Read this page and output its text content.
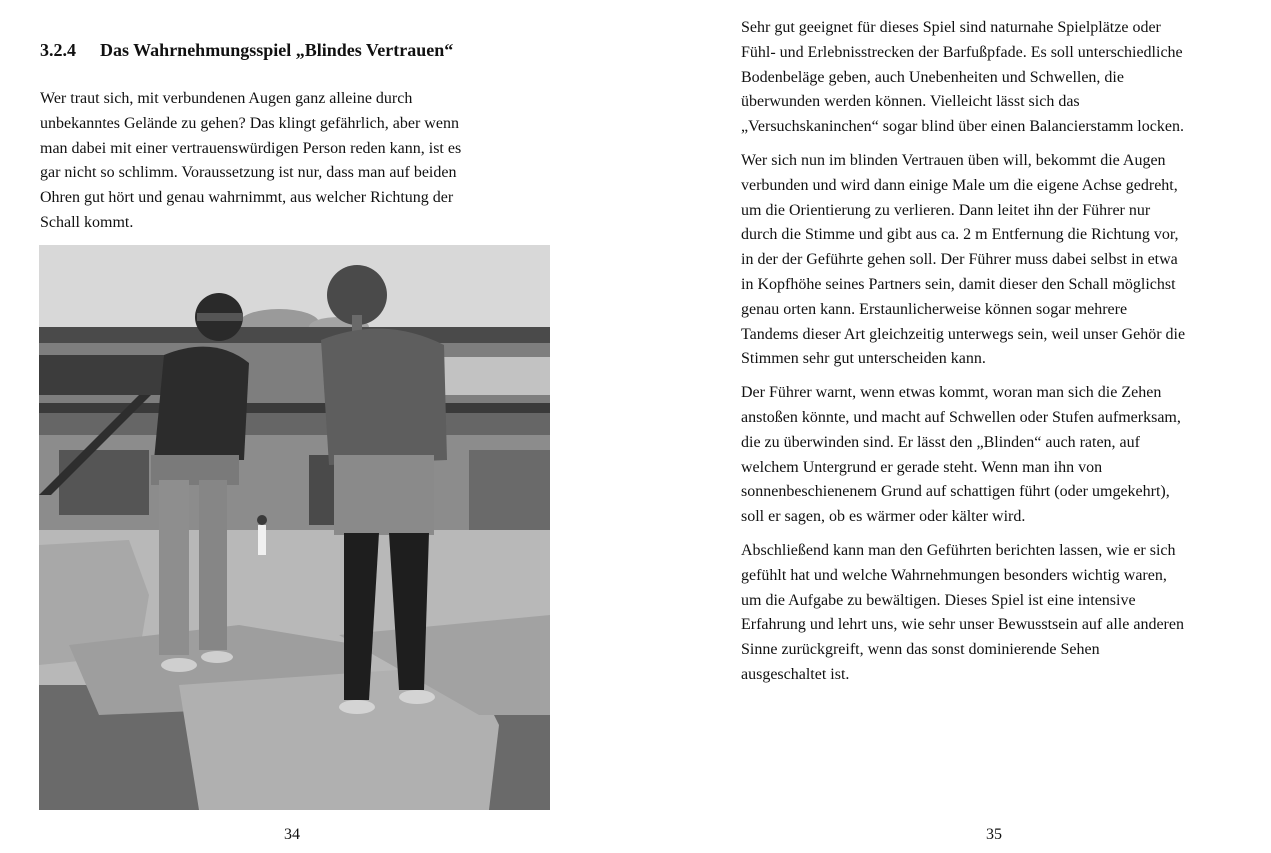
3.2.4 Das Wahrnehmungsspiel „Blindes Vertrauen“

Wer traut sich, mit verbundenen Augen ganz alleine durch
unbekanntes Gelände zu gehen? Das klingt gefährlich, aber wenn
man dabei mit einer vertrauenswürdigen Person reden kann, ist es
gar nicht so schlimm. Voraussetzung ist nur, dass man auf beiden
Ohren gut hört und genau wahrnimmt, aus welcher Richtung der
Schall kommt.

34

Sehr gut geeignet für dieses Spiel sind naturnahe Spielplätze oder
Fühl- und Erlebnisstrecken der Barfußpfade. Es soll unterschiedliche
Bodenbeläge geben, auch Unebenheiten und Schwellen, die
überwunden werden können. Vielleicht lässt sich das
„Versuchskaninchen“ sogar blind über einen Balancierstamm locken.

Wer sich nun im blinden Vertrauen üben will, bekommt die Augen
verbunden und wird dann einige Male um die eigene Achse gedreht,
um die Orientierung zu verlieren. Dann leitet ihn der Führer nur
durch die Stimme und gibt aus ca. 2 m Entfernung die Richtung vor,
in der der Geführte gehen soll. Der Führer muss dabei selbst in etwa
in Kopfhöhe seines Partners sein, damit dieser den Schall möglichst
genau orten kann. Erstaunlicherweise können sogar mehrere
Tandems dieser Art gleichzeitig unterwegs sein, weil unser Gehör die
Stimmen sehr gut unterscheiden kann.

Der Führer warnt, wenn etwas kommt, woran man sich die Zehen
anstoßen könnte, und macht auf Schwellen oder Stufen aufmerksam,
die zu überwinden sind. Er lässt den „Blinden“ auch raten, auf
welchem Untergrund er gerade steht. Wenn man ihn von
sonnenbeschienenem Grund auf schattigen führt (oder umgekehrt),
soll er sagen, ob es wärmer oder kälter wird.

Abschließend kann man den Geführten berichten lassen, wie er sich
gefühlt hat und welche Wahrnehmungen besonders wichtig waren,
um die Aufgabe zu bewältigen. Dieses Spiel ist eine intensive
Erfahrung und lehrt uns, wie sehr unser Bewusstsein auf alle anderen
Sinne zurückgreift, wenn das sonst dominierende Sehen
ausgeschaltet ist.

35
